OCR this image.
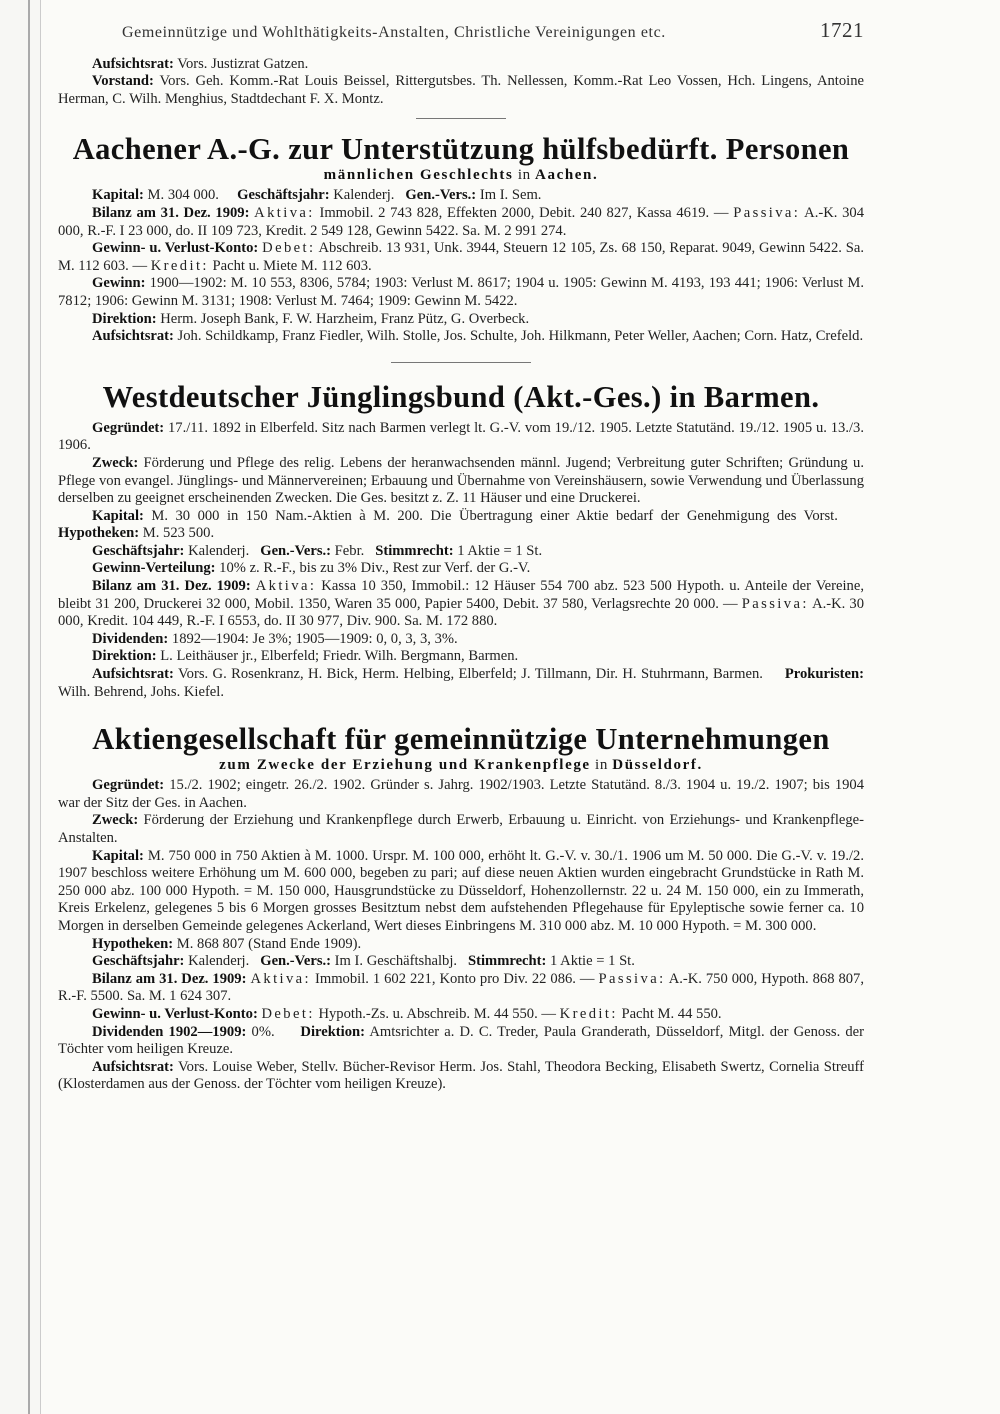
Gemeinnützige und Wohlthätigkeits-Anstalten, Christliche Vereinigungen etc.	1721

Aufsichtsrat: Vors. Justizrat Gatzen.

Vorstand: Vors. Geh. Komm.-Rat Louis Beissel, Rittergutsbes. Th. Nellessen, Komm.-Rat Leo Vossen, Hch. Lingens, Antoine Herman, C. Wilh. Menghius, Stadtdechant F. X. Montz.

Aachener A.-G. zur Unterstützung hülfsbedürft. Personen
männlichen Geschlechts in Aachen.

Kapital: M. 304 000. Geschäftsjahr: Kalenderj. Gen.-Vers.: Im I. Sem.

Bilanz am 31. Dez. 1909: Aktiva: Immobil. 2 743 828, Effekten 2000, Debit. 240 827, Kassa 4619. — Passiva: A.-K. 304 000, R.-F. I 23 000, do. II 109 723, Kredit. 2 549 128, Gewinn 5422. Sa. M. 2 991 274.

Gewinn- u. Verlust-Konto: Debet: Abschreib. 13 931, Unk. 3944, Steuern 12 105, Zs. 68 150, Reparat. 9049, Gewinn 5422. Sa. M. 112 603. — Kredit: Pacht u. Miete M. 112 603.

Gewinn: 1900—1902: M. 10 553, 8306, 5784; 1903: Verlust M. 8617; 1904 u. 1905: Gewinn M. 4193, 193 441; 1906: Verlust M. 7812; 1906: Gewinn M. 3131; 1908: Verlust M. 7464; 1909: Gewinn M. 5422.

Direktion: Herm. Joseph Bank, F. W. Harzheim, Franz Pütz, G. Overbeck.

Aufsichtsrat: Joh. Schildkamp, Franz Fiedler, Wilh. Stolle, Jos. Schulte, Joh. Hilkmann, Peter Weller, Aachen; Corn. Hatz, Crefeld.

Westdeutscher Jünglingsbund (Akt.-Ges.) in Barmen.

Gegründet: 17./11. 1892 in Elberfeld. Sitz nach Barmen verlegt lt. G.-V. vom 19./12. 1905. Letzte Statutänd. 19./12. 1905 u. 13./3. 1906.

Zweck: Förderung und Pflege des relig. Lebens der heranwachsenden männl. Jugend; Verbreitung guter Schriften; Gründung u. Pflege von evangel. Jünglings- und Männervereinen; Erbauung und Übernahme von Vereinshäusern, sowie Verwendung und Überlassung derselben zu geeignet erscheinenden Zwecken. Die Ges. besitzt z. Z. 11 Häuser und eine Druckerei.

Kapital: M. 30 000 in 150 Nam.-Aktien à M. 200. Die Übertragung einer Aktie bedarf der Genehmigung des Vorst.     Hypotheken: M. 523 500.

Geschäftsjahr: Kalenderj. Gen.-Vers.: Febr. Stimmrecht: 1 Aktie = 1 St.

Gewinn-Verteilung: 10% z. R.-F., bis zu 3% Div., Rest zur Verf. der G.-V.

Bilanz am 31. Dez. 1909: Aktiva: Kassa 10 350, Immobil.: 12 Häuser 554 700 abz. 523 500 Hypoth. u. Anteile der Vereine, bleibt 31 200, Druckerei 32 000, Mobil. 1350, Waren 35 000, Papier 5400, Debit. 37 580, Verlagsrechte 20 000. — Passiva: A.-K. 30 000, Kredit. 104 449, R.-F. I 6553, do. II 30 977, Div. 900. Sa. M. 172 880.

Dividenden: 1892—1904: Je 3%; 1905—1909: 0, 0, 3, 3, 3%.

Direktion: L. Leithäuser jr., Elberfeld; Friedr. Wilh. Bergmann, Barmen.

Aufsichtsrat: Vors. G. Rosenkranz, H. Bick, Herm. Helbing, Elberfeld; J. Tillmann, Dir. H. Stuhrmann, Barmen. Prokuristen: Wilh. Behrend, Johs. Kiefel.

Aktiengesellschaft für gemeinnützige Unternehmungen
zum Zwecke der Erziehung und Krankenpflege in Düsseldorf.

Gegründet: 15./2. 1902; eingetr. 26./2. 1902. Gründer s. Jahrg. 1902/1903. Letzte Statutänd. 8./3. 1904 u. 19./2. 1907; bis 1904 war der Sitz der Ges. in Aachen.

Zweck: Förderung der Erziehung und Krankenpflege durch Erwerb, Erbauung u. Einricht. von Erziehungs- und Krankenpflege-Anstalten.

Kapital: M. 750 000 in 750 Aktien à M. 1000. Urspr. M. 100 000, erhöht lt. G.-V. v. 30./1. 1906 um M. 50 000. Die G.-V. v. 19./2. 1907 beschloss weitere Erhöhung um M. 600 000, begeben zu pari; auf diese neuen Aktien wurden eingebracht Grundstücke in Rath M. 250 000 abz. 100 000 Hypoth. = M. 150 000, Hausgrundstücke zu Düsseldorf, Hohenzollernstr. 22 u. 24 M. 150 000, ein zu Immerath, Kreis Erkelenz, gelegenes 5 bis 6 Morgen grosses Besitztum nebst dem aufstehenden Pflegehause für Epyleptische sowie ferner ca. 10 Morgen in derselben Gemeinde gelegenes Ackerland, Wert dieses Einbringens M. 310 000 abz. M. 10 000 Hypoth. = M. 300 000.

Hypotheken: M. 868 807 (Stand Ende 1909).

Geschäftsjahr: Kalenderj. Gen.-Vers.: Im I. Geschäftshalbj. Stimmrecht: 1 Aktie = 1 St.

Bilanz am 31. Dez. 1909: Aktiva: Immobil. 1 602 221, Konto pro Div. 22 086. — Passiva: A.-K. 750 000, Hypoth. 868 807, R.-F. 5500. Sa. M. 1 624 307.

Gewinn- u. Verlust-Konto: Debet: Hypoth.-Zs. u. Abschreib. M. 44 550. — Kredit: Pacht M. 44 550.

Dividenden 1902—1909: 0%. Direktion: Amtsrichter a. D. C. Treder, Paula Granderath, Düsseldorf, Mitgl. der Genoss. der Töchter vom heiligen Kreuze.

Aufsichtsrat: Vors. Louise Weber, Stellv. Bücher-Revisor Herm. Jos. Stahl, Theodora Becking, Elisabeth Swertz, Cornelia Streuff (Klosterdamen aus der Genoss. der Töchter vom heiligen Kreuze).
